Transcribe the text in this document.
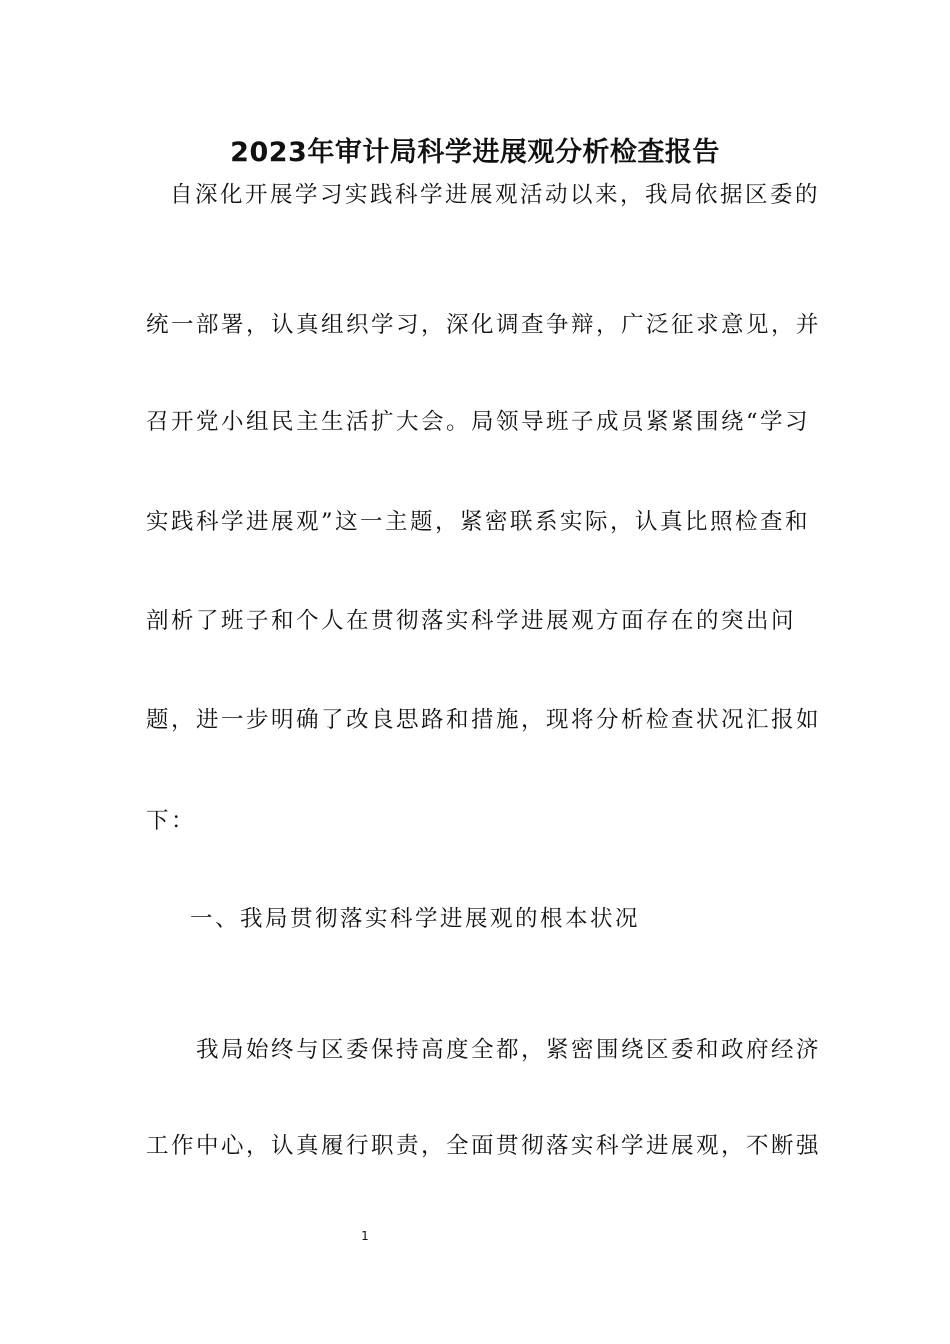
2023年审计局科学进展观分析检查报告

自深化开展学习实践科学进展观活动以来，我局依据区委的

统一部署，认真组织学习，深化调查争辩，广泛征求意见，并

召开党小组民主生活扩大会。局领导班子成员紧紧围绕“学习

实践科学进展观”这一主题，紧密联系实际，认真比照检查和

剖析了班子和个人在贯彻落实科学进展观方面存在的突出问

题，进一步明确了改良思路和措施，现将分析检查状况汇报如

下：

一、我局贯彻落实科学进展观的根本状况

我局始终与区委保持高度全都，紧密围绕区委和政府经济

工作中心，认真履行职责，全面贯彻落实科学进展观，不断强

1
